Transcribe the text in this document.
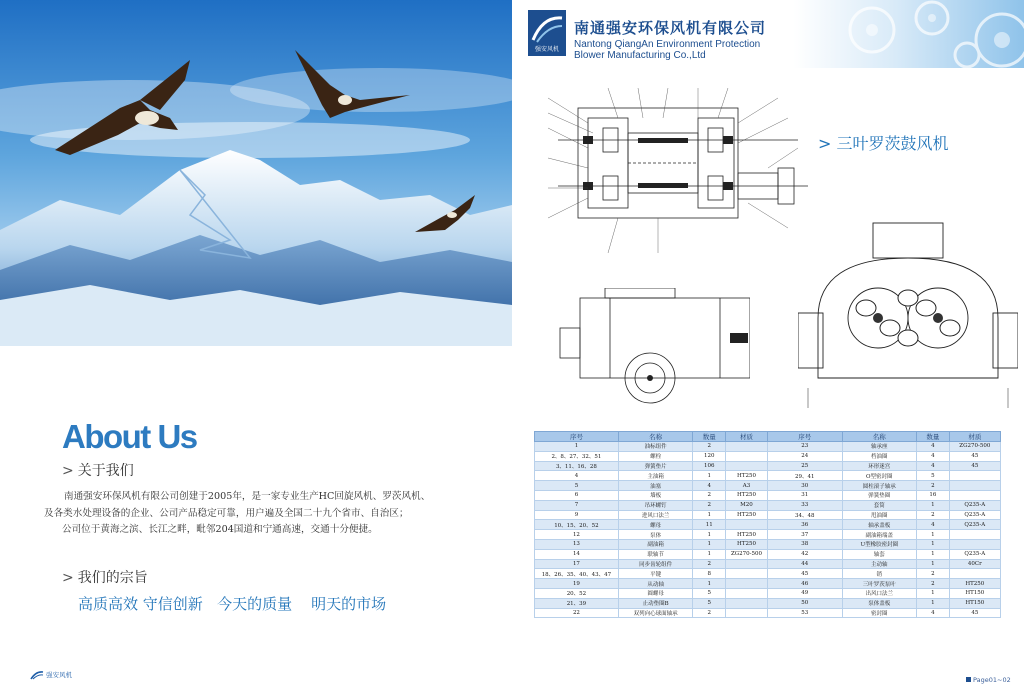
About Us
> 关于我们

南通强安环保风机有限公司创建于2005年，是一家专业生产HC回旋风机、罗茨风机、

及各类水处理设备的企业、公司产品稳定可靠，用户遍及全国二十九个省市、自治区；

公司位于黄海之滨、长江之畔，毗邻204国道和宁通高速，交通十分便捷。

> 我们的宗旨
高质高效 守信创新   今天的质量    明天的市场
强安风机
强安风机
南通强安环保风机有限公司
Nantong QiangAn Environment Protection
Blower Manufacturing Co.,Ltd
> 三叶罗茨鼓风机
序号	名称	数量	材质	序号	名称	数量	材质
1	油标组件	2		23	轴承座	4	ZG270-500
2、8、27、32、51	螺栓	120		24	档油圈	4	45
3、11、16、28	弹簧垫片	106		25	环形迷宫	4	45
4	主油箱	1	HT250	29、41	O型密封圈	5	
5	油塞	4	A3	30	圆柱滚子轴承	2	
6	墙板	2	HT250	31	弹簧垫圈	16	
7	吊环螺钉	2	M20	33	套筒	1	Q235-A
9	进风口法兰	1	HT250	34、48	甩油圈	2	Q235-A
10、15、20、52	螺母	11		36	轴承盖板	4	Q235-A
12	泵体	1	HT250	37	副油箱端盖	1	
13	副油箱	1	HT250	38	U型橡胶密封圈	1	
14	联轴节	1	ZG270-500	42	轴套	1	Q235-A
17	同步齿轮组件	2		44	主动轴	1	40Cr
18、26、35、40、43、47	平键	8		45	销	2	
19	从动轴	1		46	三叶罗茨泵叶	2	HT250
20、52	圆螺母	5		49	出风口法兰	1	HT150
21、39	止动垫圈B	5		50	泵体盖板	1	HT150
22	双列向心球面轴承	2		53	密封圈	4	45
Page01~02
